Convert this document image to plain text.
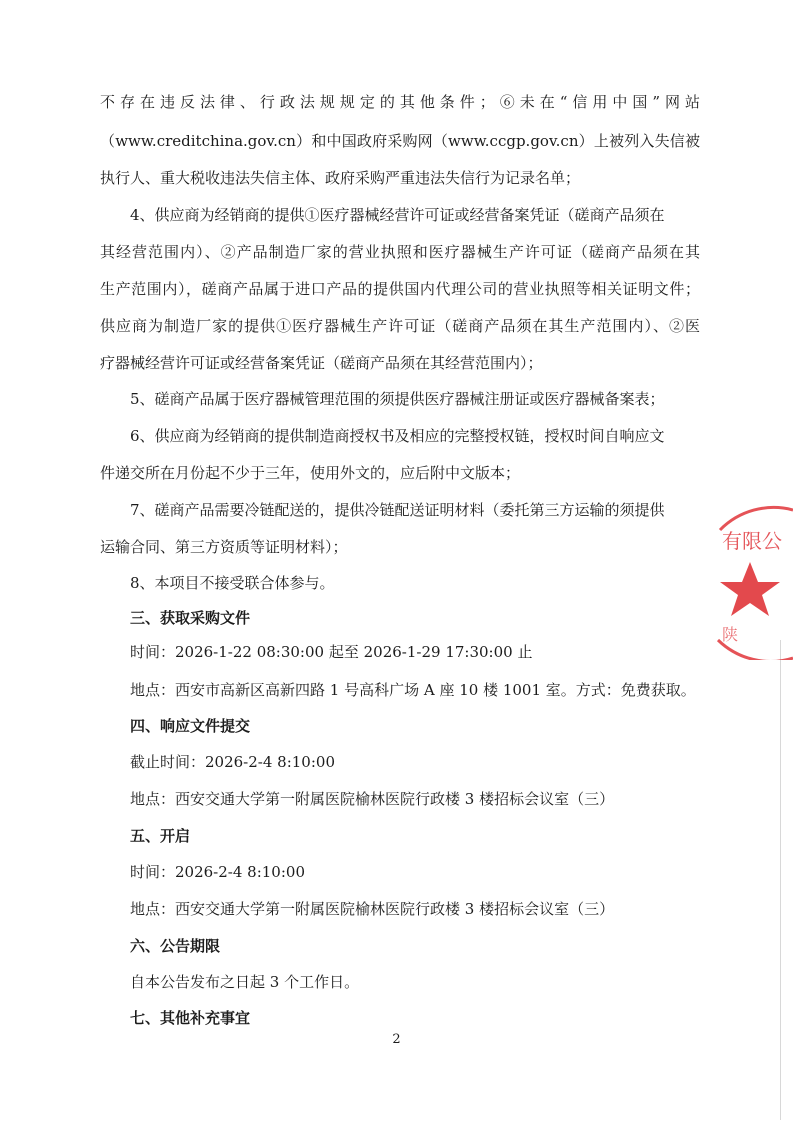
不存在违反法律、行政法规规定的其他条件；⑥未在“信用中国”网站

（www.creditchina.gov.cn）和中国政府采购网（www.ccgp.gov.cn）上被列入失信被

执行人、重大税收违法失信主体、政府采购严重违法失信行为记录名单；

4、供应商为经销商的提供①医疗器械经营许可证或经营备案凭证（磋商产品须在

其经营范围内）、②产品制造厂家的营业执照和医疗器械生产许可证（磋商产品须在其

生产范围内），磋商产品属于进口产品的提供国内代理公司的营业执照等相关证明文件；

供应商为制造厂家的提供①医疗器械生产许可证（磋商产品须在其生产范围内）、②医

疗器械经营许可证或经营备案凭证（磋商产品须在其经营范围内）；

5、磋商产品属于医疗器械管理范围的须提供医疗器械注册证或医疗器械备案表；

6、供应商为经销商的提供制造商授权书及相应的完整授权链，授权时间自响应文

件递交所在月份起不少于三年，使用外文的，应后附中文版本；

7、磋商产品需要冷链配送的，提供冷链配送证明材料（委托第三方运输的须提供

运输合同、第三方资质等证明材料）；

8、本项目不接受联合体参与。

三、获取采购文件

时间：2026-1-22 08:30:00 起至 2026-1-29 17:30:00 止

地点：西安市高新区高新四路 1 号高科广场 A 座 10 楼 1001 室。方式：免费获取。

四、响应文件提交

截止时间：2026-2-4 8:10:00

地点：西安交通大学第一附属医院榆林医院行政楼 3 楼招标会议室（三）

五、开启

时间：2026-2-4 8:10:00

地点：西安交通大学第一附属医院榆林医院行政楼 3 楼招标会议室（三）

六、公告期限

自本公告发布之日起 3 个工作日。

七、其他补充事宜

2
有限公
陕
